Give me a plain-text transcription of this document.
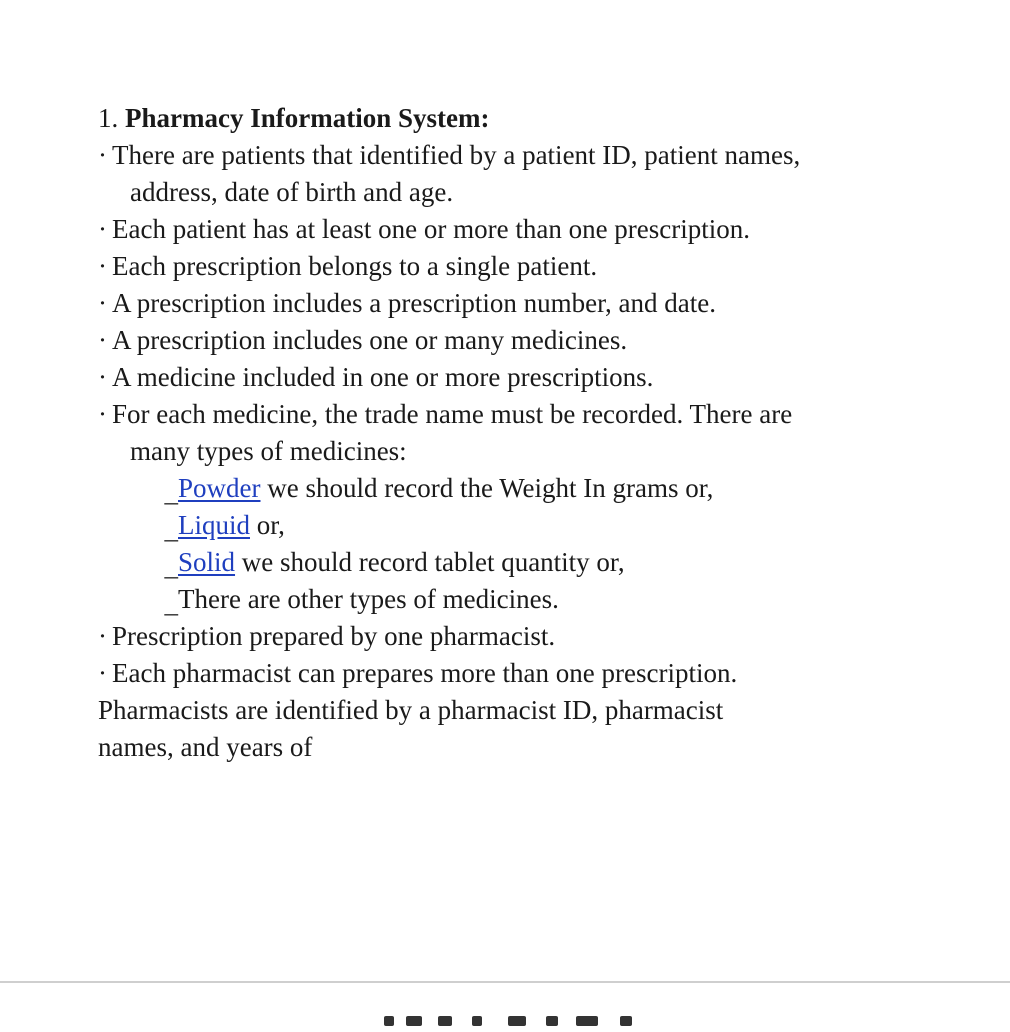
1. Pharmacy Information System:
· There are patients that identified by a patient ID, patient names,
address, date of birth and age.
· Each patient has at least one or more than one prescription.
· Each prescription belongs to a single patient.
· A prescription includes a prescription number, and date.
· A prescription includes one or many medicines.
· A medicine included in one or more prescriptions.
· For each medicine, the trade name must be recorded. There are
many types of medicines:
_Powder we should record the Weight In grams or,
_Liquid or,
_Solid we should record tablet quantity or,
_There are other types of medicines.
· Prescription prepared by one pharmacist.
· Each pharmacist can prepares more than one prescription.
Pharmacists are identified by a pharmacist ID, pharmacist
names, and years of
